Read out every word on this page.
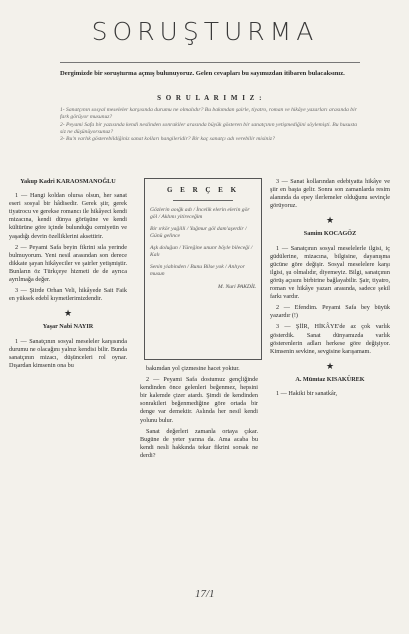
SORUŞTURMA
Dergimizde bir soruşturma açmış bulunuyoruz. Gelen cevapları bu sayımızdan itibaren bulacaksınız.
S O R U L A R I M I Z :

1- Sanatçının sosyal meseleler karşısında durumu ne olmalıdır? Bu bakımdan şairle, tiyatro, roman ve hikâye yazarları arasında bir fark görüyor musunuz?

2- Peyami Safa bir yazısında kendi neslinden sonrakiler arasında büyük gösteren bir sanatçının yetişmediğini söylemişti. Bu hususta siz ne düşünüyorsunuz?

3- Bu'n varlık gösterebildiğiniz sanat kolları hangileridir? Bir kaç sanatçı adı verebilir misiniz?

Yakup Kadri KARAOSMANOĞLU

1 — Hangi koldan olursa olsun, her sanat eseri sosyal bir hâdisedir. Gerek şiir, gerek tiyatrocu ve gerekse romancı ile hikâyeci kendi mizacına, kendi dünya görüşüne ve kendi kültürüne göre içinde bulunduğu cemiyetin ve yaşadığı devrin özelliklerini aksettirir.

2 — Peyami Safa beyin fikrini sıla yerinde bulmuyorum. Yeni nesil arasından son derece dikkate şayan hikâyeciler ve şairler yetişmiştir. Bunların öz Türkçeye hizmeti de de ayrıca ayrılmağa değer.

3 — Şiirde Orhan Veli, hikâyede Sait Faik en yüksek edebî kıymetlerimizdendir.

★
Yaşar Nabi NAYIR

1 — Sanatçının sosyal meseleler karşısında durumu ne olacağını yalnız kendisi bilir. Bunda sanatçının mizacı, düşünceleri rol oynar. Dışardan kimsenin ona bu

G E R Ç E K

Gözlerin aoığk adı / İncelik elerin elerin gör göl / Aklımı yitireceğim

Bir ırkör yağilli / Yağmur göl dam'aşerdir / Günü gelince

Aşk doluğun / Yüreğine ununr böyle bileceği / Kalı

Senin yiabinden / Bunu Bilse yok / Anlıyor musun

M. Nuri PAKDİL

bakımdan yol çizmesine hacet yoktur.

2 — Peyami Safa dostumuz gençliğinde kendinden önce gelenleri beğenmez, hepsini bir kalemde çizer atardı. Şimdi de kendinden sonrakileri beğenmediğine göre ortada bir denge var demektir. Aslında her nesil kendi yolunu bulur.

Sanat değerleri zamanla ortaya çıkar. Bugüne de yeter yarına da. Ama acaba bu kendi nesli hakkında tekar fikrini sorsak ne derdi?

3 — Sanat kollarından edebiyatta hikâye ve şiir en başta gelir. Sonra son zamanlarda resim alanında da epey ilerlemeler olduğunu sevinçle görüyoruz.

★
Samim KOCAGÖZ

1 — Sanatçının sosyal meselelerle ilgisi, iç güdülerine, mizacına, bilgisine, dayanışma gücüne göre değişir. Sosyal meselelere karşı ilgisi, şu olmalıdır, diyemeyiz. Bilgi, sanatçının görüş açısını birbirine bağlayabilir. Şair, tiyatro, roman ve hikâye yazarı arasında, sadece şekil farkı vardır.

2 — Efendim. Peyami Safa bey büyük yazardır (!)

3 — ŞİİR, HİKÂYE'de az çok varlık gösterdik. Sanat dünyamızda varlık gösterenlerin adları herkese göre değişiyor. Kimsenin sevkine, sevgisine karışamam.

★
A. Mümtaz KISAKÜREK

1 — Hakiki bir sanatkâr,

17/1
